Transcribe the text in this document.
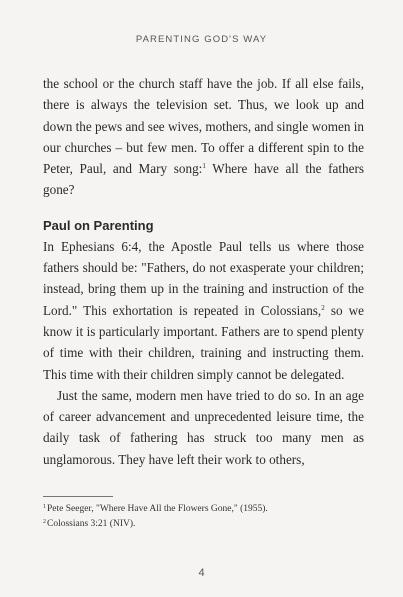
PARENTING GOD'S WAY

the school or the church staff have the job. If all else fails, there is always the television set. Thus, we look up and down the pews and see wives, mothers, and single women in our churches – but few men. To offer a different spin to the Peter, Paul, and Mary song:$^1$ Where have all the fathers gone?

Paul on Parenting

In Ephesians 6:4, the Apostle Paul tells us where those fathers should be: "Fathers, do not exasperate your children; instead, bring them up in the training and instruction of the Lord." This exhortation is repeated in Colossians,$^2$ so we know it is particularly important. Fathers are to spend plenty of time with their children, training and instructing them. This time with their children simply cannot be delegated.

Just the same, modern men have tried to do so. In an age of career advancement and unprecedented leisure time, the daily task of fathering has struck too many men as unglamorous. They have left their work to others,

$^1$Pete Seeger, "Where Have All the Flowers Gone," (1955).
$^2$Colossians 3:21 (NIV).
4
